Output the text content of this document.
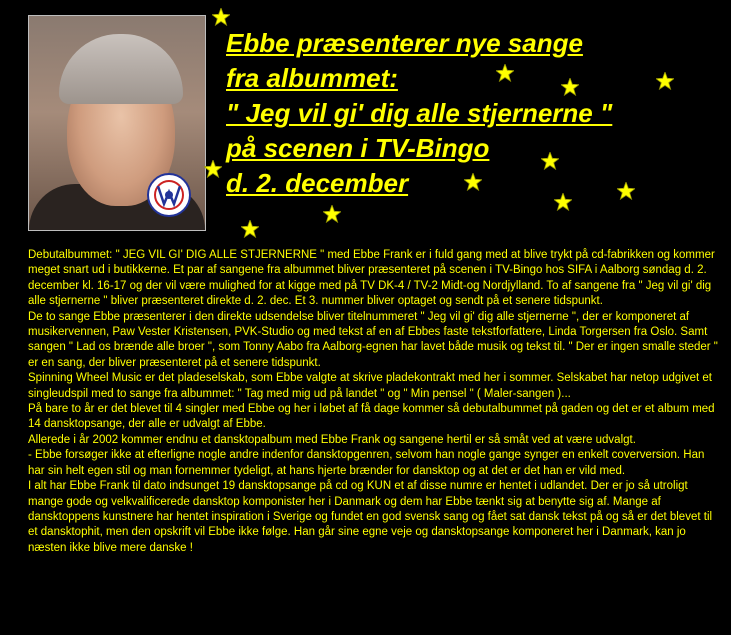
Ebbe præsenterer nye sange
fra albummet:
" Jeg vil gi' dig alle stjernerne "
på scenen i TV-Bingo
d. 2. december

Debutalbummet: " JEG VIL GI' DIG ALLE STJERNERNE " med Ebbe Frank er i fuld gang med at blive trykt på cd-fabrikken og kommer meget snart ud i butikkerne. Et par af sangene fra albummet bliver præsenteret på scenen i TV-Bingo hos SIFA i Aalborg søndag d. 2. december kl. 16-17 og der vil være mulighed for at kigge med på TV DK-4 / TV-2 Midt-og Nordjylland. To af sangene fra " Jeg vil gi' dig alle stjernerne " bliver præsenteret direkte d. 2. dec. Et 3. nummer bliver optaget og sendt på et senere tidspunkt.

De to sange Ebbe præsenterer i den direkte udsendelse bliver titelnummeret " Jeg vil gi' dig alle stjernerne ", der er komponeret af musikervennen, Paw Vester Kristensen, PVK-Studio og med tekst af en af Ebbes faste tekstforfattere, Linda Torgersen fra Oslo. Samt sangen " Lad os brænde alle broer ", som Tonny Aabo fra Aalborg-egnen har lavet både musik og tekst til. " Der er ingen smalle steder " er en sang, der bliver præsenteret på et senere tidspunkt.

Spinning Wheel Music er det pladeselskab, som Ebbe valgte at skrive pladekontrakt med her i sommer. Selskabet har netop udgivet et singleudspil med to sange fra albummet: " Tag med mig ud på landet " og " Min pensel " ( Maler-sangen )...

På bare to år er det blevet til 4 singler med Ebbe og her i løbet af få dage kommer så debutalbummet på gaden og det er et album med 14 dansktopsange, der alle er udvalgt af Ebbe.

Allerede i år 2002 kommer endnu et dansktopalbum med Ebbe Frank og sangene hertil er så småt ved at være udvalgt.

- Ebbe forsøger ikke at efterligne nogle andre indenfor dansktopgenren, selvom han nogle gange synger en enkelt coverversion. Han har sin helt egen stil og man fornemmer tydeligt, at hans hjerte brænder for dansktop og at det er det han er vild med.

I alt har Ebbe Frank til dato indsunget 19 dansktopsange på cd og KUN et af disse numre er hentet i udlandet. Der er jo så utroligt mange gode og velkvalificerede dansktop komponister her i Danmark og dem har Ebbe tænkt sig at benytte sig af. Mange af dansktoppens kunstnere har hentet inspiration i Sverige og fundet en god svensk sang og fået sat dansk tekst på og så er det blevet til et dansktophit, men den opskrift vil Ebbe ikke følge. Han går sine egne veje og dansktopsange komponeret her i Danmark, kan jo næsten ikke blive mere danske !
